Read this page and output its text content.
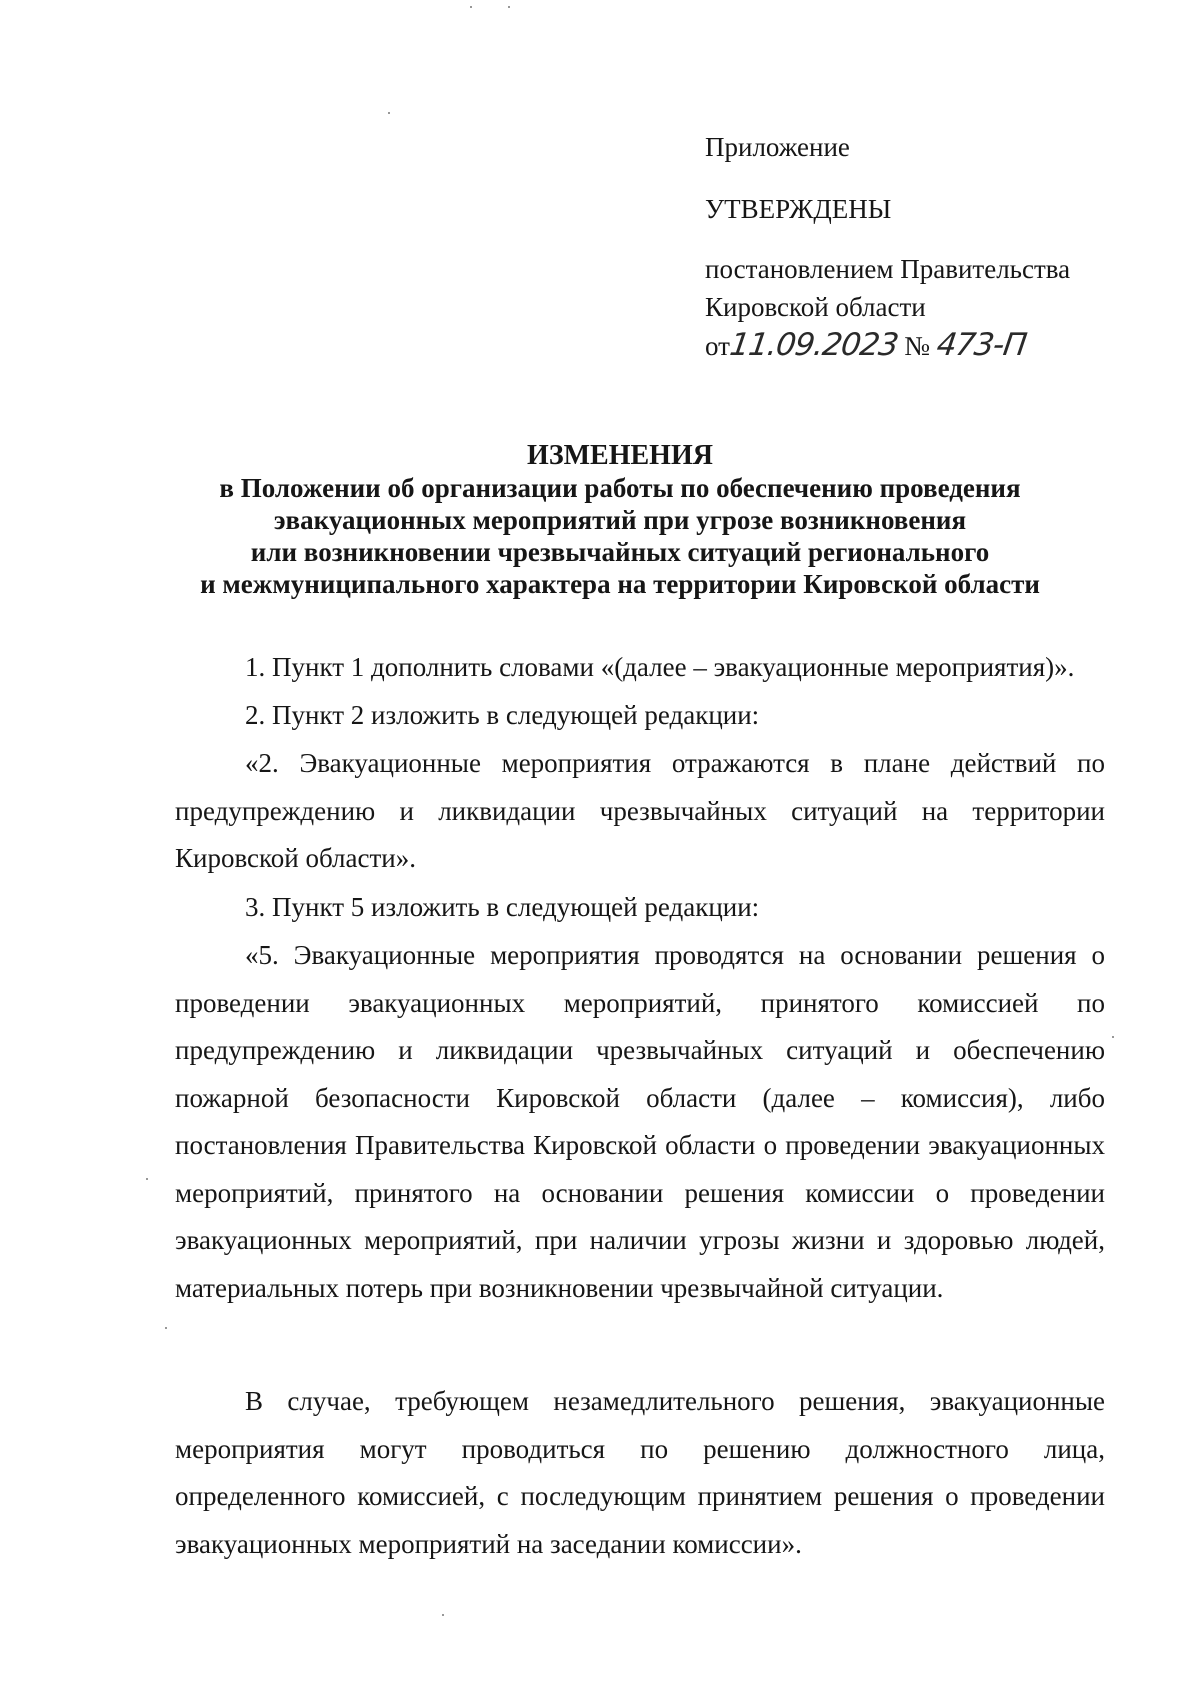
Приложение
УТВЕРЖДЕНЫ
постановлением Правительства
Кировской области
от11.09.2023 № 473-П
ИЗМЕНЕНИЯ
в Положении об организации работы по обеспечению проведения
эвакуационных мероприятий при угрозе возникновения
или возникновении чрезвычайных ситуаций регионального
и межмуниципального характера на территории Кировской области
1. Пункт 1 дополнить словами «(далее – эвакуационные мероприятия)».
2. Пункт 2 изложить в следующей редакции:
«2. Эвакуационные мероприятия отражаются в плане действий по предупреждению и ликвидации чрезвычайных ситуаций на территории Кировской области».
3. Пункт 5 изложить в следующей редакции:
«5. Эвакуационные мероприятия проводятся на основании решения о проведении эвакуационных мероприятий, принятого комиссией по предупреждению и ликвидации чрезвычайных ситуаций и обеспечению пожарной безопасности Кировской области (далее – комиссия), либо постановления Правительства Кировской области о проведении эвакуационных мероприятий, принятого на основании решения комиссии о проведении эвакуационных мероприятий, при наличии угрозы жизни и здоровью людей, материальных потерь при возникновении чрезвычайной ситуации.
В случае, требующем незамедлительного решения, эвакуационные мероприятия могут проводиться по решению должностного лица, определенного комиссией, с последующим принятием решения о проведении эвакуационных мероприятий на заседании комиссии».
